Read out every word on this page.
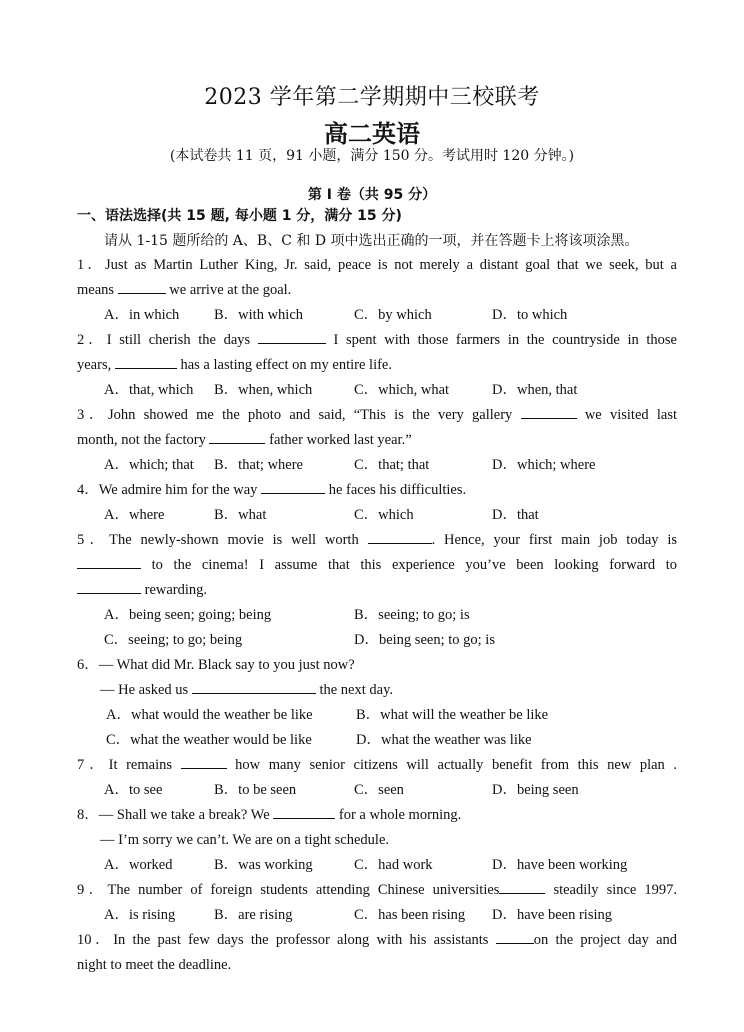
2023 学年第二学期期中三校联考
高二英语
(本试卷共 11 页，91 小题，满分 150 分。考试用时 120 分钟。)
第 I 卷（共 95 分）
一、语法选择(共 15 题, 每小题 1 分，满分 15 分)
请从 1-15 题所给的 A、B、C 和 D 项中选出正确的一项，并在答题卡上将该项涂黑。
1．Just as Martin Luther King, Jr. said, peace is not merely a distant goal that we seek, but a
means	we arrive at the goal.
A．in which B．with which	C．by which	D．to which
2．I still cherish the days	I spent with those farmers in the countryside in those
years,	has a lasting effect on my entire life.
A．that, which B．when, which	C．which, what	D．when, that
3．John showed me the photo and said, “This is the very gallery	we visited last
month, not the factory	father worked last year.”
A．which; that B．that; where	C．that; that	D．which; where
4．We admire him for the way	he faces his difficulties.
A．where	B．what	C．which	D．that
5．The newly-shown movie is well worth	. Hence, your first main job today is
to the cinema! I assume that this experience you’ve been looking forward to
rewarding.
A．being seen; going; being	B．seeing; to go; is
C．seeing; to go; being	D．being seen; to go; is
6．— What did Mr. Black say to you just now?
— He asked us	the next day.
A．what would the weather be like	B．what will the weather be like
C．what the weather would be like	D．what the weather was like
7．It remains	how many senior citizens will actually benefit from this new plan .
A．to see	B．to be seen	C．seen	D．being seen
8．— Shall we take a break? We	for a whole morning.
— I’m sorry we can’t. We are on a tight schedule.
A．worked	B．was working	C．had work	D．have been working
9．The number of foreign students attending Chinese universities	steadily since 1997.
A．is rising	B．are rising	C．has been rising D．have been rising
10．In the past few days the professor along with his assistants	on the project day and
night to meet the deadline.
